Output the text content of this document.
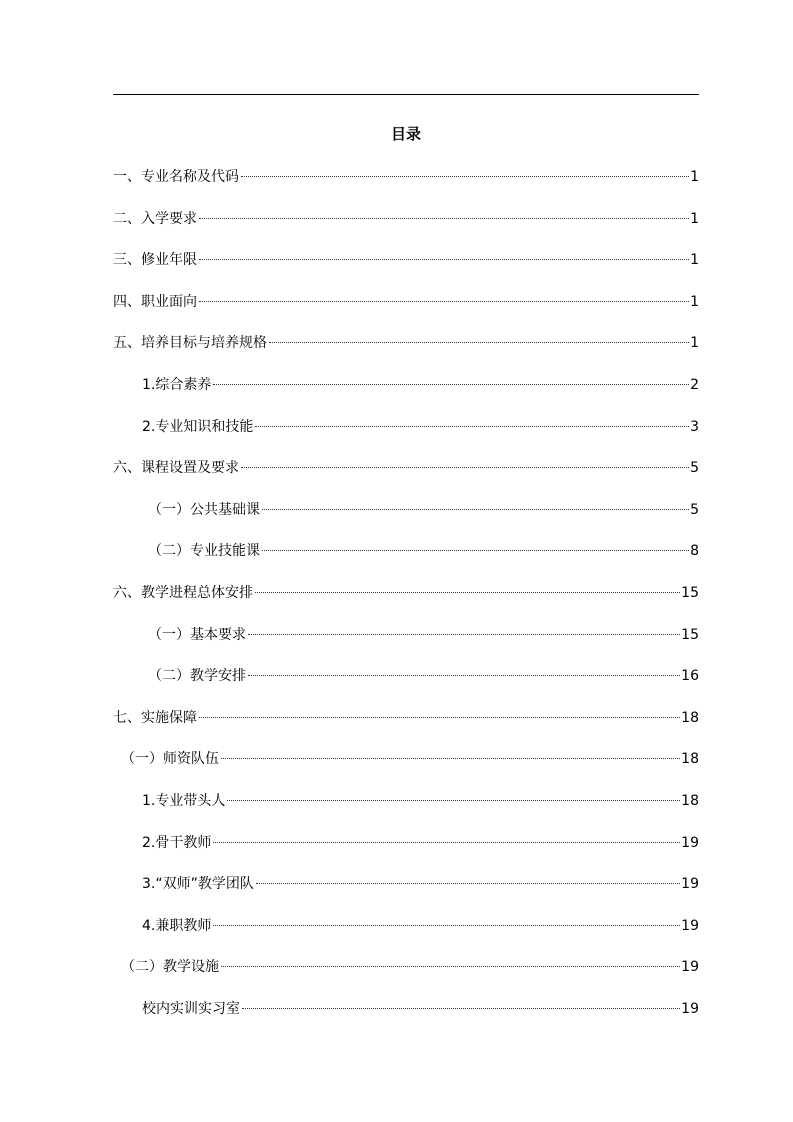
目录
一、专业名称及代码	1
二、入学要求	1
三、修业年限	1
四、职业面向	1
五、培养目标与培养规格	1
1.综合素养	2
2.专业知识和技能	3
六、课程设置及要求	5
（一）公共基础课	5
（二）专业技能课	8
六、教学进程总体安排	15
（一）基本要求	15
（二）教学安排	16
七、实施保障	18
（一）师资队伍	18
1.专业带头人	18
2.骨干教师	19
3.“双师”教学团队	19
4.兼职教师	19
（二）教学设施	19
校内实训实习室	19
